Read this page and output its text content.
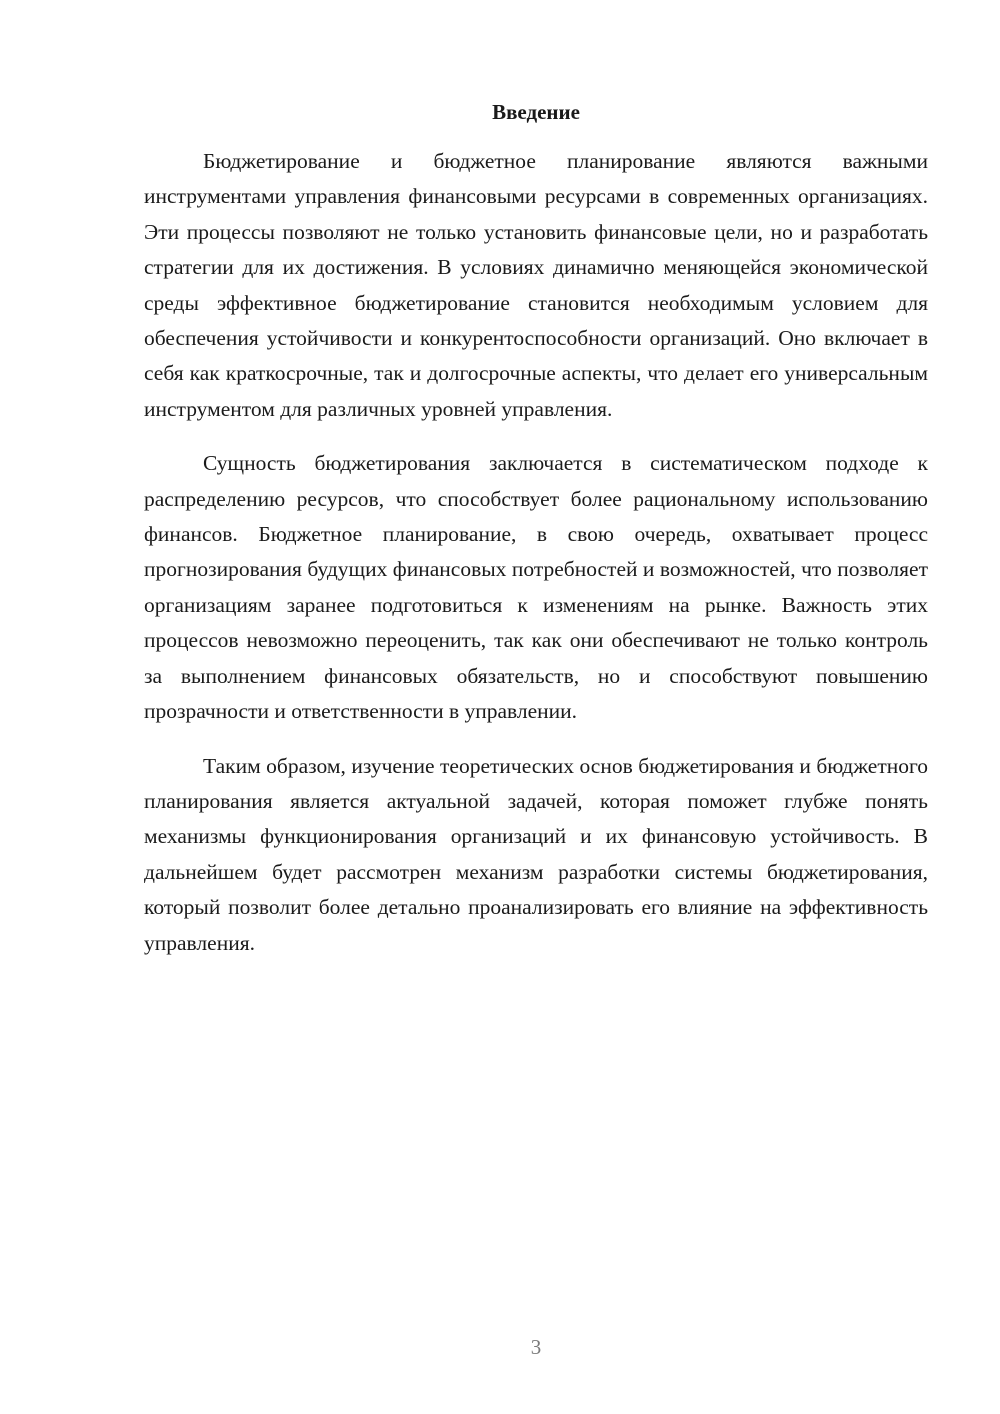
Введение

Бюджетирование и бюджетное планирование являются важными инструментами управления финансовыми ресурсами в современных организациях. Эти процессы позволяют не только установить финансовые цели, но и разработать стратегии для их достижения. В условиях динамично меняющейся экономической среды эффективное бюджетирование становится необходимым условием для обеспечения устойчивости и конкурентоспособности организаций. Оно включает в себя как краткосрочные, так и долгосрочные аспекты, что делает его универсальным инструментом для различных уровней управления.

Сущность бюджетирования заключается в систематическом подходе к распределению ресурсов, что способствует более рациональному использованию финансов. Бюджетное планирование, в свою очередь, охватывает процесс прогнозирования будущих финансовых потребностей и возможностей, что позволяет организациям заранее подготовиться к изменениям на рынке. Важность этих процессов невозможно переоценить, так как они обеспечивают не только контроль за выполнением финансовых обязательств, но и способствуют повышению прозрачности и ответственности в управлении.

Таким образом, изучение теоретических основ бюджетирования и бюджетного планирования является актуальной задачей, которая поможет глубже понять механизмы функционирования организаций и их финансовую устойчивость. В дальнейшем будет рассмотрен механизм разработки системы бюджетирования, который позволит более детально проанализировать его влияние на эффективность управления.

3
